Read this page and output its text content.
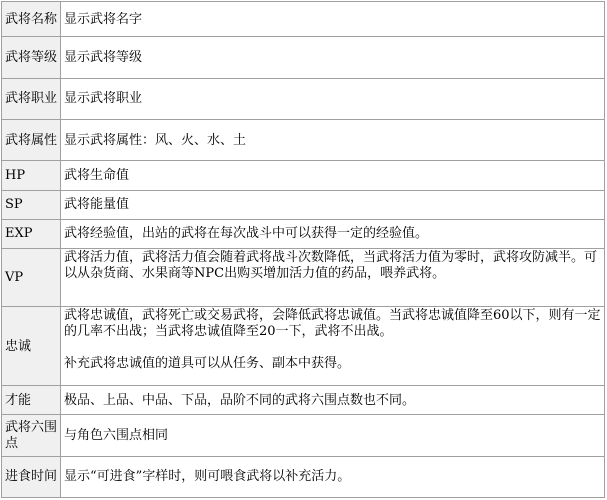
武将名称	显示武将名字
武将等级	显示武将等级
武将职业	显示武将职业
武将属性	显示武将属性：风、火、水、土
HP	武将生命值
SP	武将能量值
EXP	武将经验值，出站的武将在每次战斗中可以获得一定的经验值。
VP	武将活力值，武将活力值会随着武将战斗次数降低，当武将活力值为零时，武将攻防减半。可以从杂货商、水果商等NPC出购买增加活力值的药品，喂养武将。
忠诚	武将忠诚值，武将死亡或交易武将，会降低武将忠诚值。当武将忠诚值降至60以下，则有一定的几率不出战；当武将忠诚值降至20一下，武将不出战。
补充武将忠诚值的道具可以从任务、副本中获得。

才能	极品、上品、中品、下品，品阶不同的武将六围点数也不同。
武将六围点	与角色六围点相同
进食时间	显示“可进食”字样时，则可喂食武将以补充活力。
